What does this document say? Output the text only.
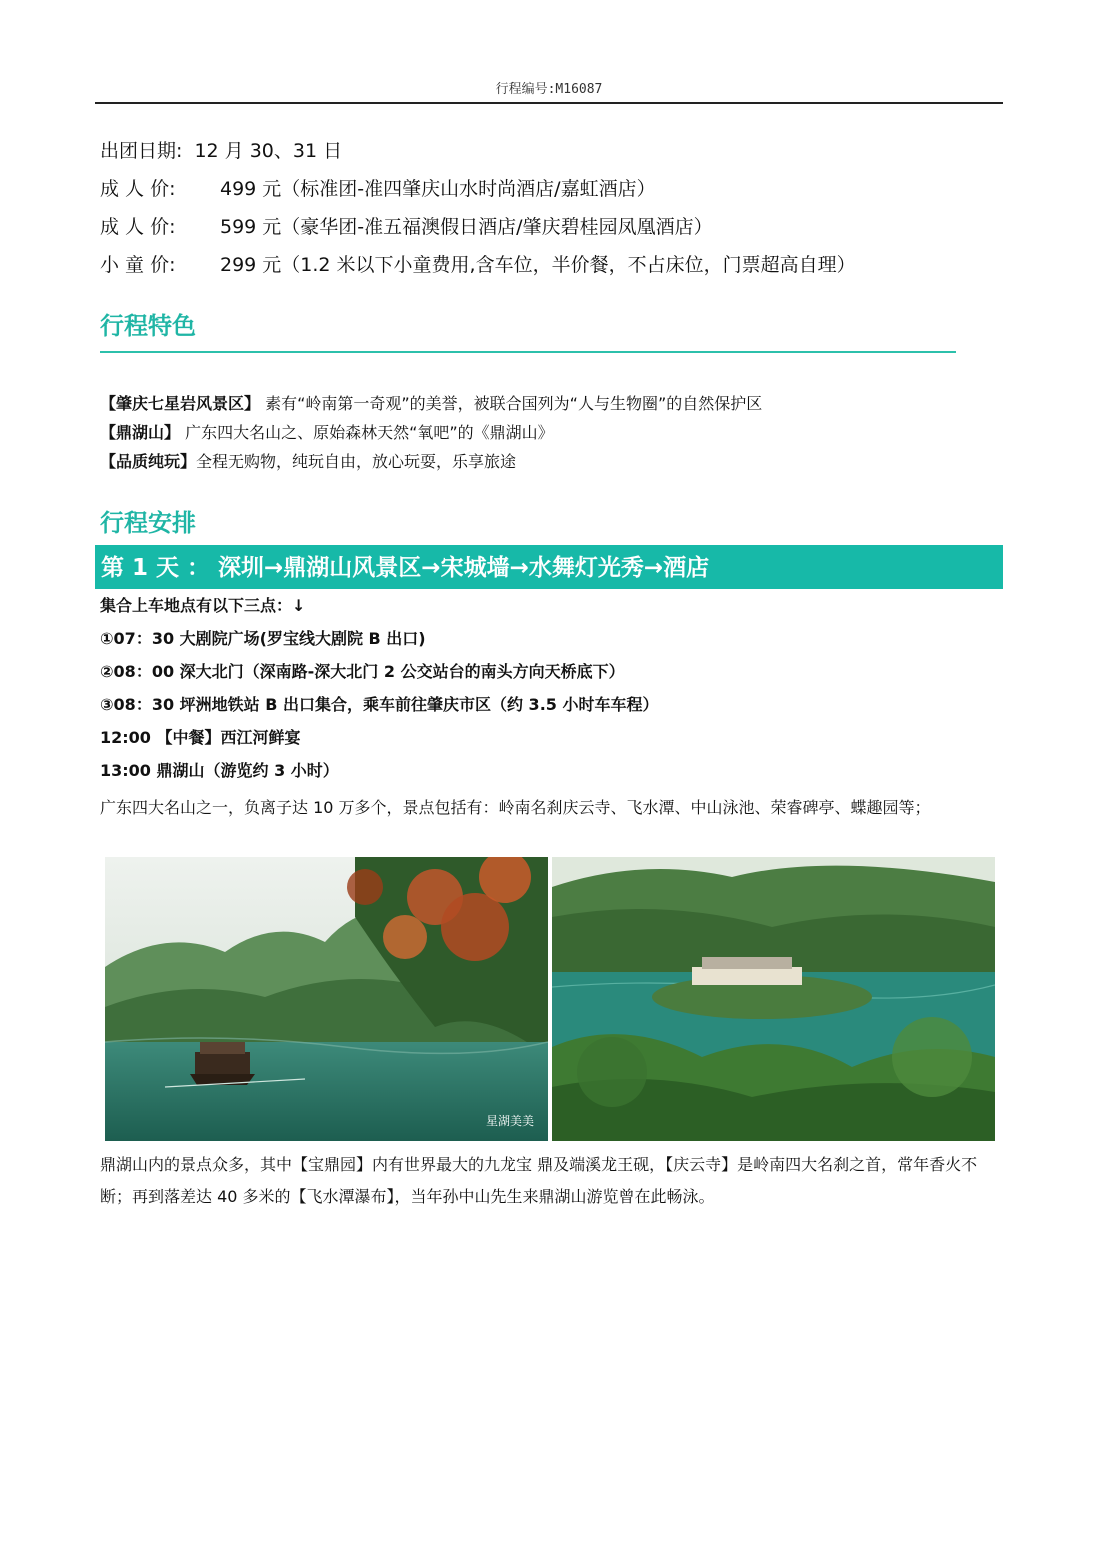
行程编号:M16087
出团日期: 12 月 30、31 日
成 人 价: 499 元（标准团-准四肇庆山水时尚酒店/嘉虹酒店）
成 人 价: 599 元（豪华团-准五福澳假日酒店/肇庆碧桂园凤凰酒店）
小 童 价: 299 元（1.2 米以下小童费用,含车位，半价餐，不占床位，门票超高自理）
行程特色
【肇庆七星岩风景区】 素有“岭南第一奇观”的美誉，被联合国列为“人与生物圈”的自然保护区
【鼎湖山】 广东四大名山之、原始森林天然“氧吧”的《鼎湖山》
【品质纯玩】全程无购物，纯玩自由，放心玩耍，乐享旅途
行程安排
第 1 天 ： 深圳→鼎湖山风景区→宋城墙→水舞灯光秀→酒店
集合上车地点有以下三点：↓
①07：30 大剧院广场(罗宝线大剧院 B 出口)
②08：00 深大北门（深南路-深大北门 2 公交站台的南头方向天桥底下）
③08：30 坪洲地铁站 B 出口集合，乘车前往肇庆市区（约 3.5 小时车车程）
12:00 【中餐】西江河鲜宴
13:00 鼎湖山（游览约 3 小时）
广东四大名山之一，负离子达 10 万多个，景点包括有：岭南名刹庆云寺、飞水潭、中山泳池、荣睿碑亭、蝶趣园等；
星湖美美
鼎湖山内的景点众多，其中【宝鼎园】内有世界最大的九龙宝 鼎及端溪龙王砚，【庆云寺】是岭南四大名刹之首，常年香火不断；再到落差达 40 多米的【飞水潭瀑布】，当年孙中山先生来鼎湖山游览曾在此畅泳。
